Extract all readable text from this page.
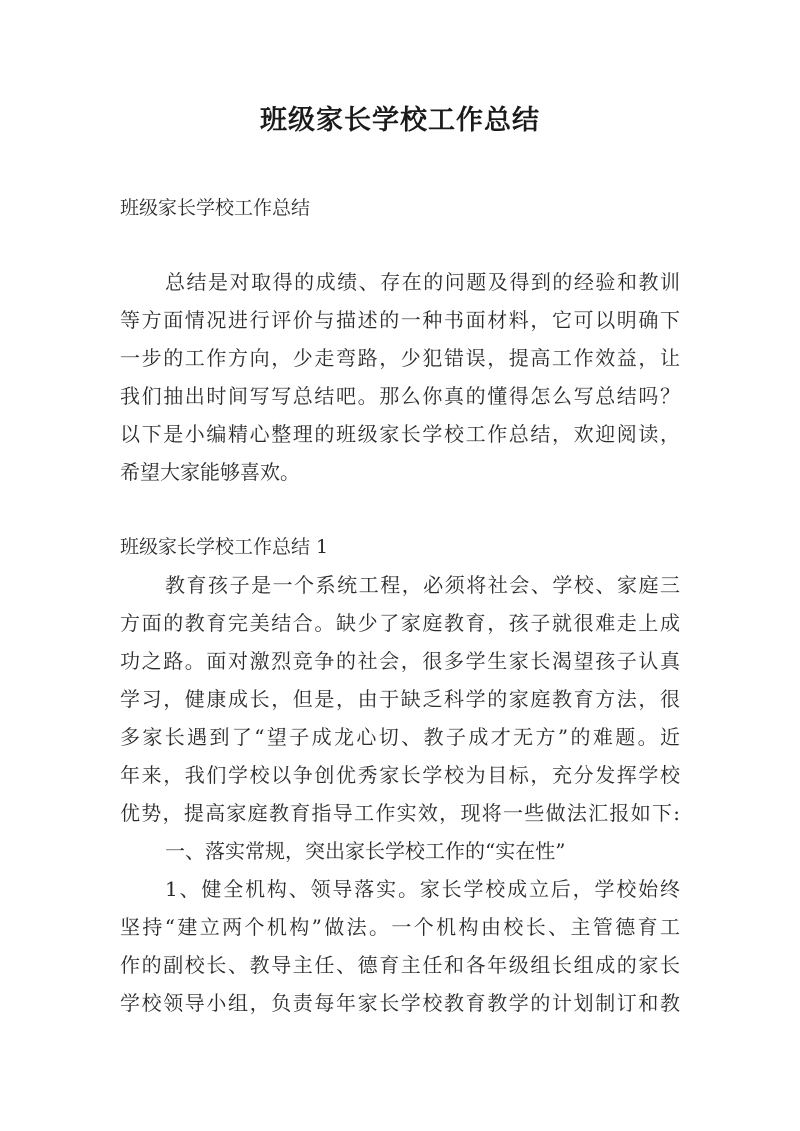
班级家长学校工作总结
班级家长学校工作总结
总结是对取得的成绩、存在的问题及得到的经验和教训
等方面情况进行评价与描述的一种书面材料，它可以明确下
一步的工作方向，少走弯路，少犯错误，提高工作效益，让
我们抽出时间写写总结吧。那么你真的懂得怎么写总结吗？
以下是小编精心整理的班级家长学校工作总结，欢迎阅读，
希望大家能够喜欢。
班级家长学校工作总结 1
教育孩子是一个系统工程，必须将社会、学校、家庭三
方面的教育完美结合。缺少了家庭教育，孩子就很难走上成
功之路。面对激烈竞争的社会，很多学生家长渴望孩子认真
学习，健康成长，但是，由于缺乏科学的家庭教育方法，很
多家长遇到了“望子成龙心切、教子成才无方”的难题。近
年来，我们学校以争创优秀家长学校为目标，充分发挥学校
优势，提高家庭教育指导工作实效，现将一些做法汇报如下:
一、落实常规，突出家长学校工作的“实在性”
1、健全机构、领导落实。家长学校成立后，学校始终
坚持“建立两个机构”做法。一个机构由校长、主管德育工
作的副校长、教导主任、德育主任和各年级组长组成的家长
学校领导小组，负责每年家长学校教育教学的计划制订和教
